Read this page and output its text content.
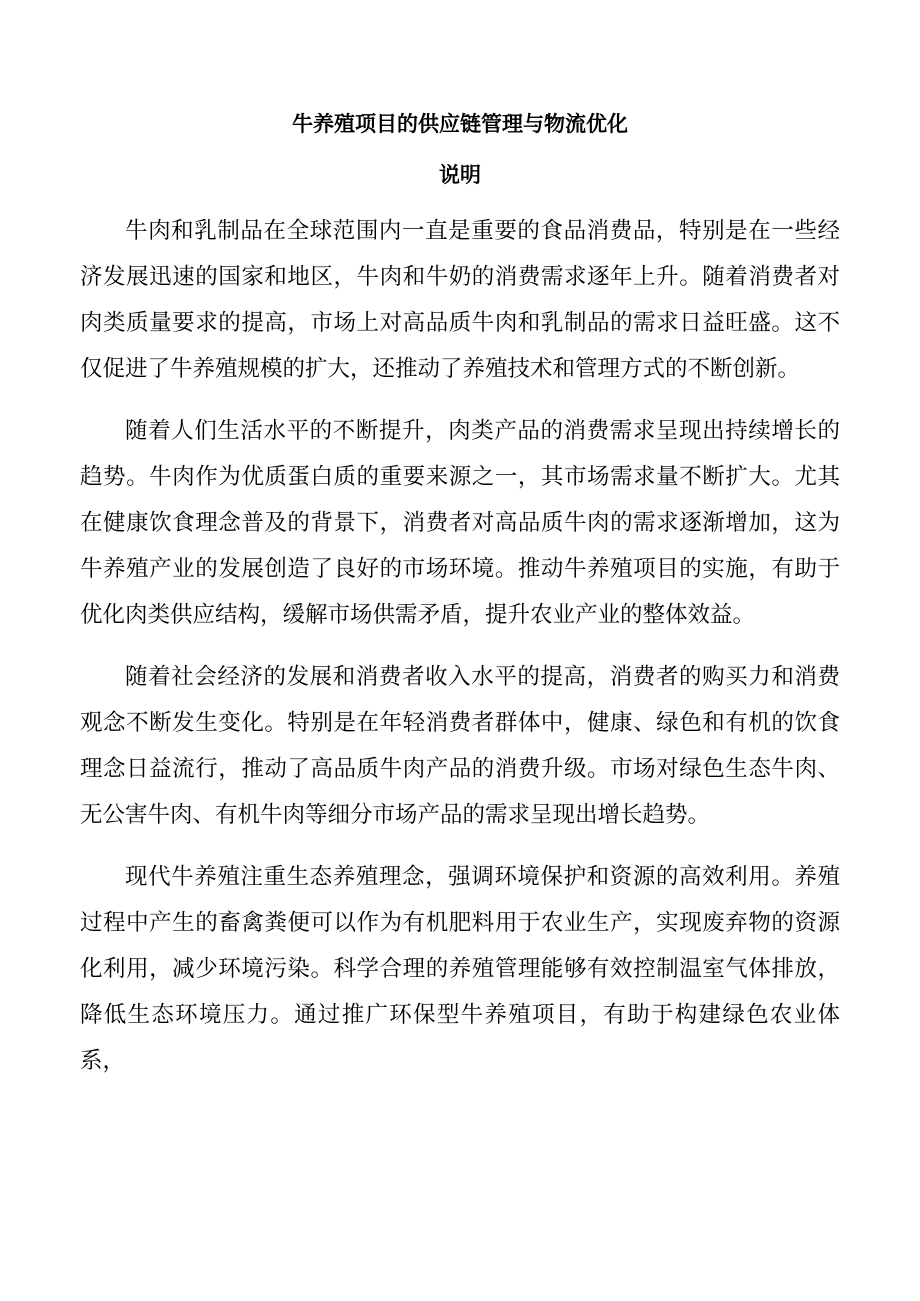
牛养殖项目的供应链管理与物流优化
说明

牛肉和乳制品在全球范围内一直是重要的食品消费品，特别是在一些经济发展迅速的国家和地区，牛肉和牛奶的消费需求逐年上升。随着消费者对肉类质量要求的提高，市场上对高品质牛肉和乳制品的需求日益旺盛。这不仅促进了牛养殖规模的扩大，还推动了养殖技术和管理方式的不断创新。

随着人们生活水平的不断提升，肉类产品的消费需求呈现出持续增长的趋势。牛肉作为优质蛋白质的重要来源之一，其市场需求量不断扩大。尤其在健康饮食理念普及的背景下，消费者对高品质牛肉的需求逐渐增加，这为牛养殖产业的发展创造了良好的市场环境。推动牛养殖项目的实施，有助于优化肉类供应结构，缓解市场供需矛盾，提升农业产业的整体效益。

随着社会经济的发展和消费者收入水平的提高，消费者的购买力和消费观念不断发生变化。特别是在年轻消费者群体中，健康、绿色和有机的饮食理念日益流行，推动了高品质牛肉产品的消费升级。市场对绿色生态牛肉、无公害牛肉、有机牛肉等细分市场产品的需求呈现出增长趋势。

现代牛养殖注重生态养殖理念，强调环境保护和资源的高效利用。养殖过程中产生的畜禽粪便可以作为有机肥料用于农业生产，实现废弃物的资源化利用，减少环境污染。科学合理的养殖管理能够有效控制温室气体排放，降低生态环境压力。通过推广环保型牛养殖项目，有助于构建绿色农业体系，
